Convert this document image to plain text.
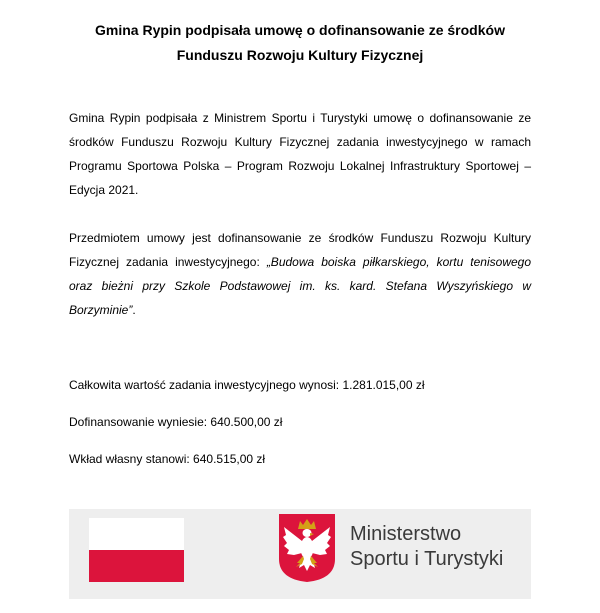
Gmina Rypin podpisała umowę o dofinansowanie ze środków
Funduszu Rozwoju Kultury Fizycznej

Gmina Rypin podpisała z Ministrem Sportu i Turystyki umowę o dofinansowanie ze środków Funduszu Rozwoju Kultury Fizycznej zadania inwestycyjnego w ramach Programu Sportowa Polska – Program Rozwoju Lokalnej Infrastruktury Sportowej – Edycja 2021.

Przedmiotem umowy jest dofinansowanie ze środków Funduszu Rozwoju Kultury Fizycznej zadania inwestycyjnego: „Budowa boiska piłkarskiego, kortu tenisowego oraz bieżni przy Szkole Podstawowej im. ks. kard. Stefana Wyszyńskiego w Borzyminie”.

Całkowita wartość zadania inwestycyjnego wynosi: 1.281.015,00 zł

Dofinansowanie wyniesie: 640.500,00 zł

Wkład własny stanowi: 640.515,00 zł

Ministerstwo
Sportu i Turystyki
